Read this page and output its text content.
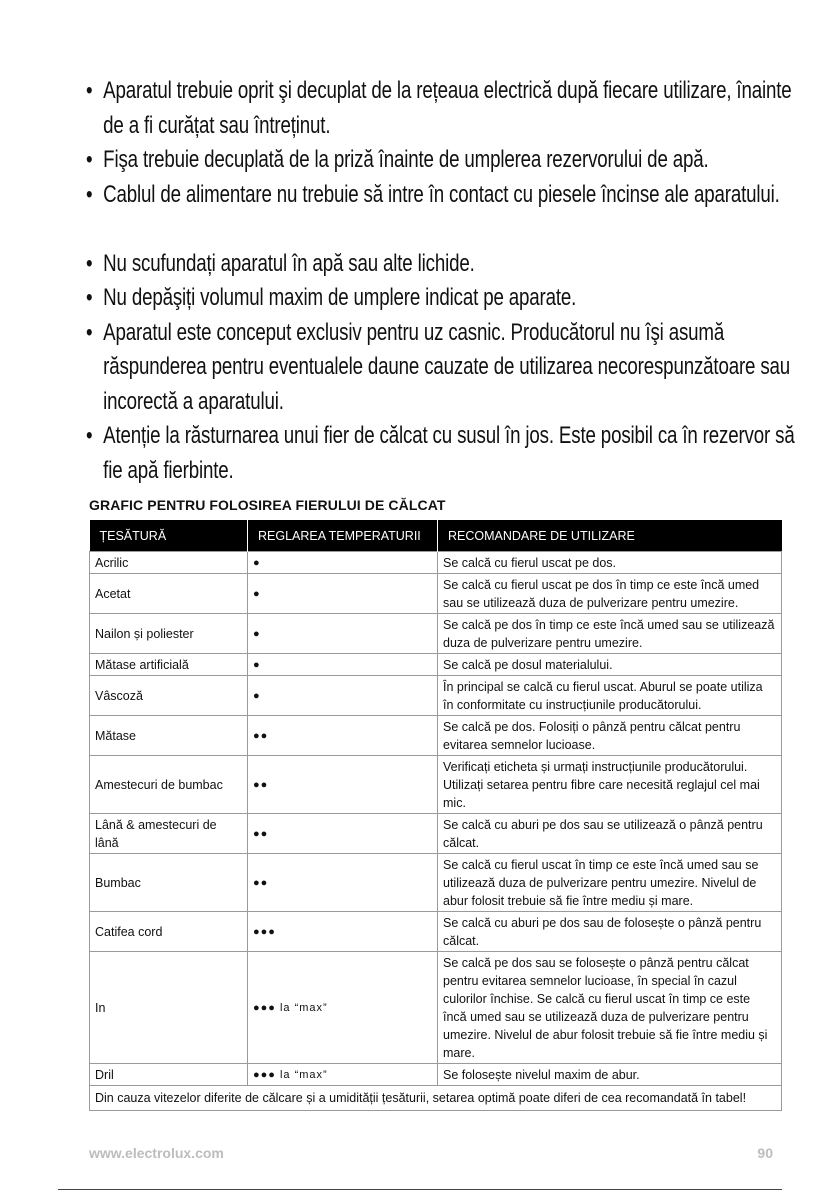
• Aparatul trebuie oprit şi decuplat de la rețeaua electrică după fiecare utilizare, înainte de a fi curățat sau întreținut.
• Fişa trebuie decuplată de la priză înainte de umplerea rezervorului de apă.
• Cablul de alimentare nu trebuie să intre în contact cu piesele încinse ale aparatului.
• Nu scufundați aparatul în apă sau alte lichide.
• Nu depăşiți volumul maxim de umplere indicat pe aparate.
• Aparatul este conceput exclusiv pentru uz casnic. Producătorul nu îşi asumă răspunderea pentru eventualele daune cauzate de utilizarea necorespunzătoare sau incorectă a aparatului.
• Atenție la răsturnarea unui fier de călcat cu susul în jos. Este posibil ca în rezervor să fie apă fierbinte.
GRAFIC PENTRU FOLOSIREA FIERULUI DE CĂLCAT
ȚESĂTURĂ	REGLAREA TEMPERATURII	RECOMANDARE DE UTILIZARE
Acrilic	●	Se calcă cu fierul uscat pe dos.
Acetat	●	Se calcă cu fierul uscat pe dos în timp ce este încă umed sau se utilizează duza de pulverizare pentru umezire.
Nailon și poliester	●	Se calcă pe dos în timp ce este încă umed sau se utilizează duza de pulverizare pentru umezire.
Mătase artificială	●	Se calcă pe dosul materialului.
Vâscoză	●	În principal se calcă cu fierul uscat. Aburul se poate utiliza în conformitate cu instrucțiunile producătorului.
Mătase	●●	Se calcă pe dos. Folosiți o pânză pentru călcat pentru evitarea semnelor lucioase.
Amestecuri de bumbac	●●	Verificați eticheta și urmați instrucțiunile producătorului. Utilizați setarea pentru fibre care necesită reglajul cel mai mic.
Lână & amestecuri de lână	●●	Se calcă cu aburi pe dos sau se utilizează o pânză pentru călcat.
Bumbac	●●	Se calcă cu fierul uscat în timp ce este încă umed sau se utilizează duza de pulverizare pentru umezire. Nivelul de abur folosit trebuie să fie între mediu și mare.
Catifea cord	●●●	Se calcă cu aburi pe dos sau de folosește o pânză pentru călcat.
In	●●● la “max”	Se calcă pe dos sau se folosește o pânză pentru călcat pentru evitarea semnelor lucioase, în special în cazul culorilor închise. Se calcă cu fierul uscat în timp ce este încă umed sau se utilizează duza de pulverizare pentru umezire. Nivelul de abur folosit trebuie să fie între mediu și mare.
Dril	●●● la “max”	Se folosește nivelul maxim de abur.
Din cauza vitezelor diferite de călcare și a umidității țesăturii, setarea optimă poate diferi de cea recomandată în tabel!		
www.electrolux.com	90
